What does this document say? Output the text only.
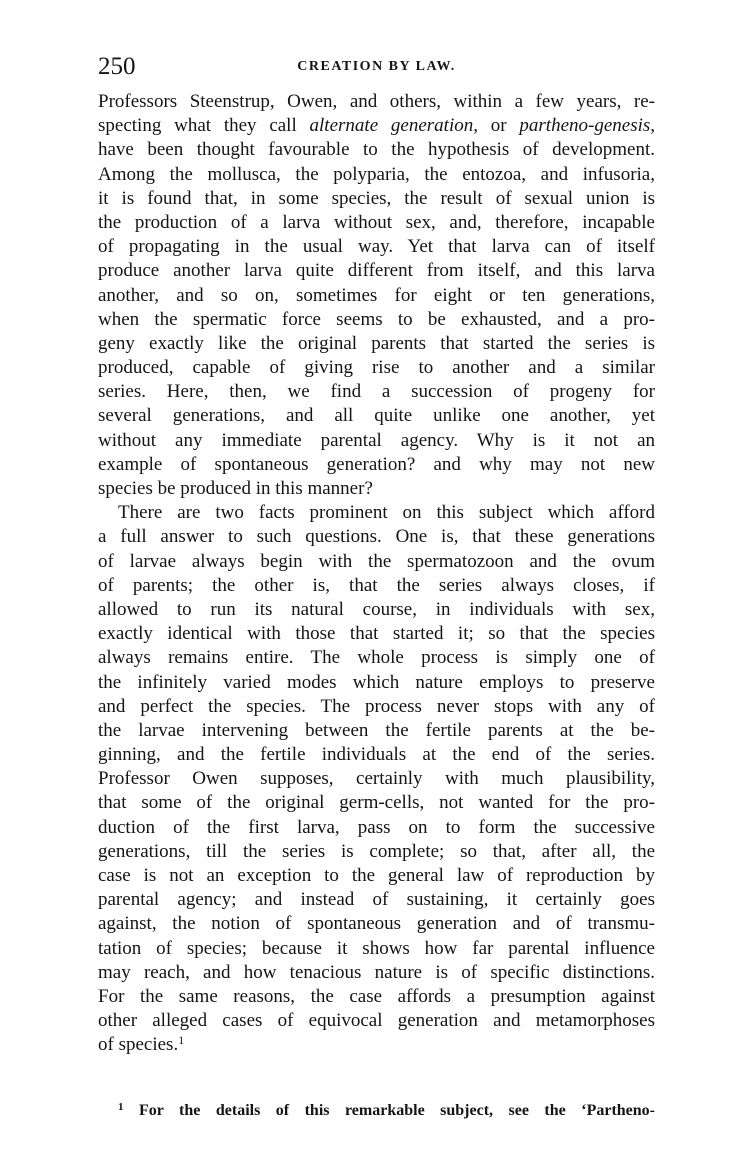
250	CREATION BY LAW.
Professors Steenstrup, Owen, and others, within a few years, re-
specting what they call alternate generation, or partheno-genesis,
have been thought favourable to the hypothesis of development.
Among the mollusca, the polyparia, the entozoa, and infusoria,
it is found that, in some species, the result of sexual union is
the production of a larva without sex, and, therefore, incapable
of propagating in the usual way. Yet that larva can of itself
produce another larva quite different from itself, and this larva
another, and so on, sometimes for eight or ten generations,
when the spermatic force seems to be exhausted, and a pro-
geny exactly like the original parents that started the series is
produced, capable of giving rise to another and a similar
series. Here, then, we find a succession of progeny for
several generations, and all quite unlike one another, yet
without any immediate parental agency. Why is it not an
example of spontaneous generation? and why may not new
species be produced in this manner?
There are two facts prominent on this subject which afford
a full answer to such questions. One is, that these generations
of larvae always begin with the spermatozoon and the ovum
of parents; the other is, that the series always closes, if
allowed to run its natural course, in individuals with sex,
exactly identical with those that started it; so that the species
always remains entire. The whole process is simply one of
the infinitely varied modes which nature employs to preserve
and perfect the species. The process never stops with any of
the larvae intervening between the fertile parents at the be-
ginning, and the fertile individuals at the end of the series.
Professor Owen supposes, certainly with much plausibility,
that some of the original germ-cells, not wanted for the pro-
duction of the first larva, pass on to form the successive
generations, till the series is complete; so that, after all, the
case is not an exception to the general law of reproduction by
parental agency; and instead of sustaining, it certainly goes
against, the notion of spontaneous generation and of transmu-
tation of species; because it shows how far parental influence
may reach, and how tenacious nature is of specific distinctions.
For the same reasons, the case affords a presumption against
other alleged cases of equivocal generation and metamorphoses
of species.$^1$
$^1$ For the details of this remarkable subject, see the ‘Partheno-
